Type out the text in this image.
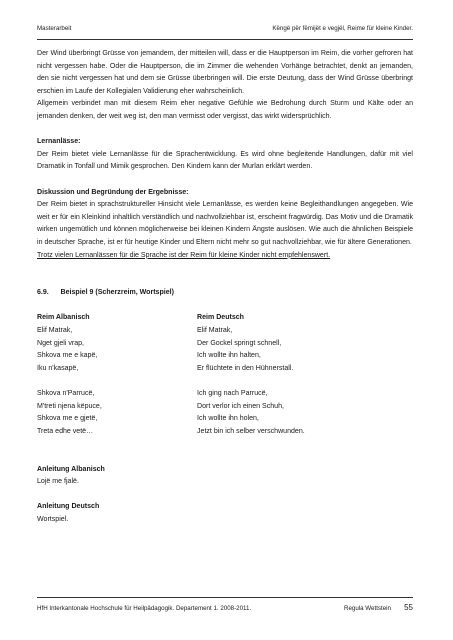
Masterarbeit	Këngë për fëmijët e vegjël, Reime für kleine Kinder.

Der Wind überbringt Grüsse von jemandem, der mitteilen will, dass er die Hauptperson im Reim, die vorher gefroren hat nicht vergessen habe. Oder die Hauptperson, die im Zimmer die wehenden Vorhänge betrachtet, denkt an jemanden, den sie nicht vergessen hat und dem sie Grüsse überbringen will. Die erste Deutung, dass der Wind Grüsse überbringt erschien im Laufe der Kollegialen Validierung eher wahrscheinlich.

Allgemein verbindet man mit diesem Reim eher negative Gefühle wie Bedrohung durch Sturm und Kälte oder an jemanden denken, der weit weg ist, den man vermisst oder vergisst, das wirkt widersprüchlich.

Lernanlässe:

Der Reim bietet viele Lernanlässe für die Sprachentwicklung. Es wird ohne begleitende Handlungen, dafür mit viel Dramatik in Tonfall und Mimik gesprochen. Den Kindern kann der Murlan erklärt werden.

Diskussion und Begründung der Ergebnisse:

Der Reim bietet in sprachstruktureller Hinsicht viele Lernanlässe, es werden keine Begleithandlungen angegeben. Wie weit er für ein Kleinkind inhaltlich verständlich und nachvollziehbar ist, erscheint fragwürdig. Das Motiv und die Dramatik wirken ungemütlich und können möglicherweise bei kleinen Kindern Ängste auslösen. Wie auch die ähnlichen Beispiele in deutscher Sprache, ist er für heutige Kinder und Eltern nicht mehr so gut nachvollziehbar, wie für ältere Generationen.

Trotz vielen Lernanlässen für die Sprache ist der Reim für kleine Kinder nicht empfehlenswert.

6.9. Beispiel 9 (Scherzreim, Wortspiel)

Reim Albanisch
Elif Matrak,
Nget gjeli vrap,
Shkova me e kapë,
Iku n'kasapë,
Reim Deutsch
Elif Matrak,
Der Gockel springt schnell,
Ich wollte ihn halten,
Er flüchtete in den Hühnerstall.
Shkova n'Parrucë,
M'treti njena këpuce,
Shkova me e gjetë,
Treta edhe vetë…
Ich ging nach Parrucë,
Dort verlor ich einen Schuh,
Ich wollte ihn holen,
Jetzt bin ich selber verschwunden.

Anleitung Albanisch

Lojë me fjalë.

Anleitung Deutsch

Wortspiel.

HfH Interkantonale Hochschule für Heilpädagogik. Departement 1. 2008-2011.	Regula Wettstein 55
